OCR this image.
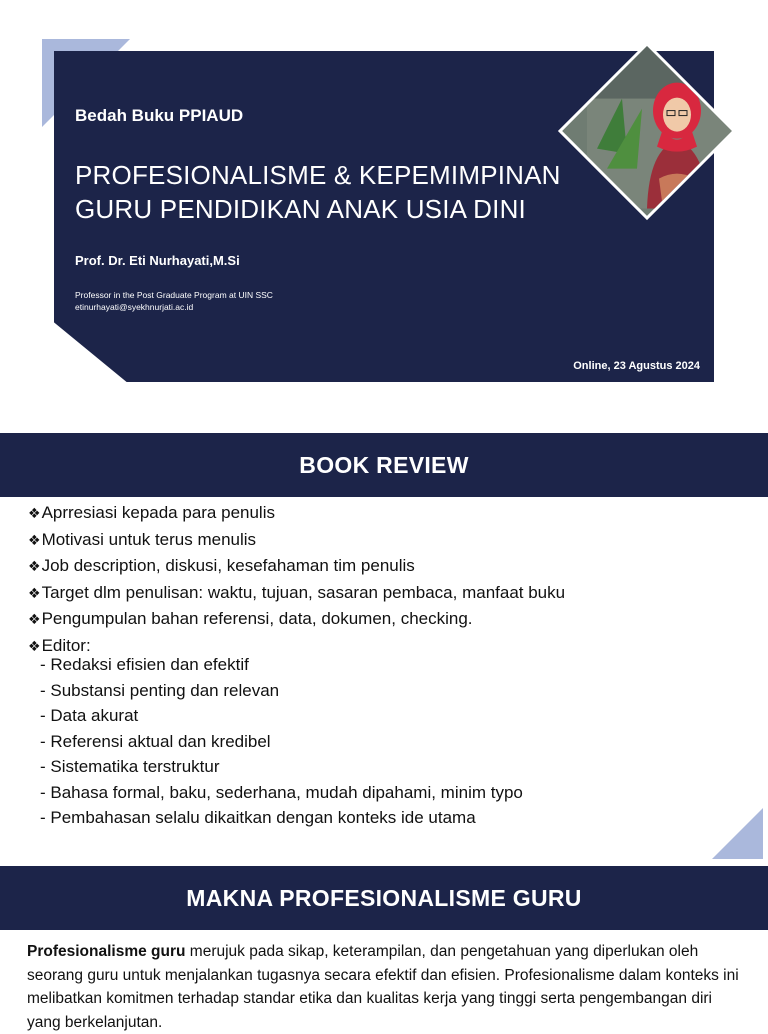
Bedah Buku PPIAUD
PROFESIONALISME & KEPEMIMPINAN
GURU PENDIDIKAN ANAK USIA DINI
Prof. Dr. Eti Nurhayati,M.Si
Professor in the Post Graduate Program at UIN SSC
etinurhayati@syekhnurjati.ac.id
Online, 23 Agustus 2024
BOOK REVIEW
❖Aprresiasi kepada para penulis
❖Motivasi untuk terus menulis
❖Job description, diskusi, kesefahaman tim penulis
❖Target dlm penulisan: waktu, tujuan, sasaran pembaca, manfaat buku
❖Pengumpulan bahan referensi, data, dokumen, checking.
❖Editor:
- Redaksi efisien dan efektif
- Substansi penting dan relevan
- Data akurat
- Referensi aktual dan kredibel
- Sistematika terstruktur
- Bahasa formal, baku, sederhana, mudah dipahami, minim typo
- Pembahasan selalu dikaitkan dengan konteks ide utama
MAKNA PROFESIONALISME GURU
Profesionalisme guru merujuk pada sikap, keterampilan, dan pengetahuan yang diperlukan oleh seorang guru untuk menjalankan tugasnya secara efektif dan efisien. Profesionalisme dalam konteks ini melibatkan komitmen terhadap standar etika dan kualitas kerja yang tinggi serta pengembangan diri yang berkelanjutan.
